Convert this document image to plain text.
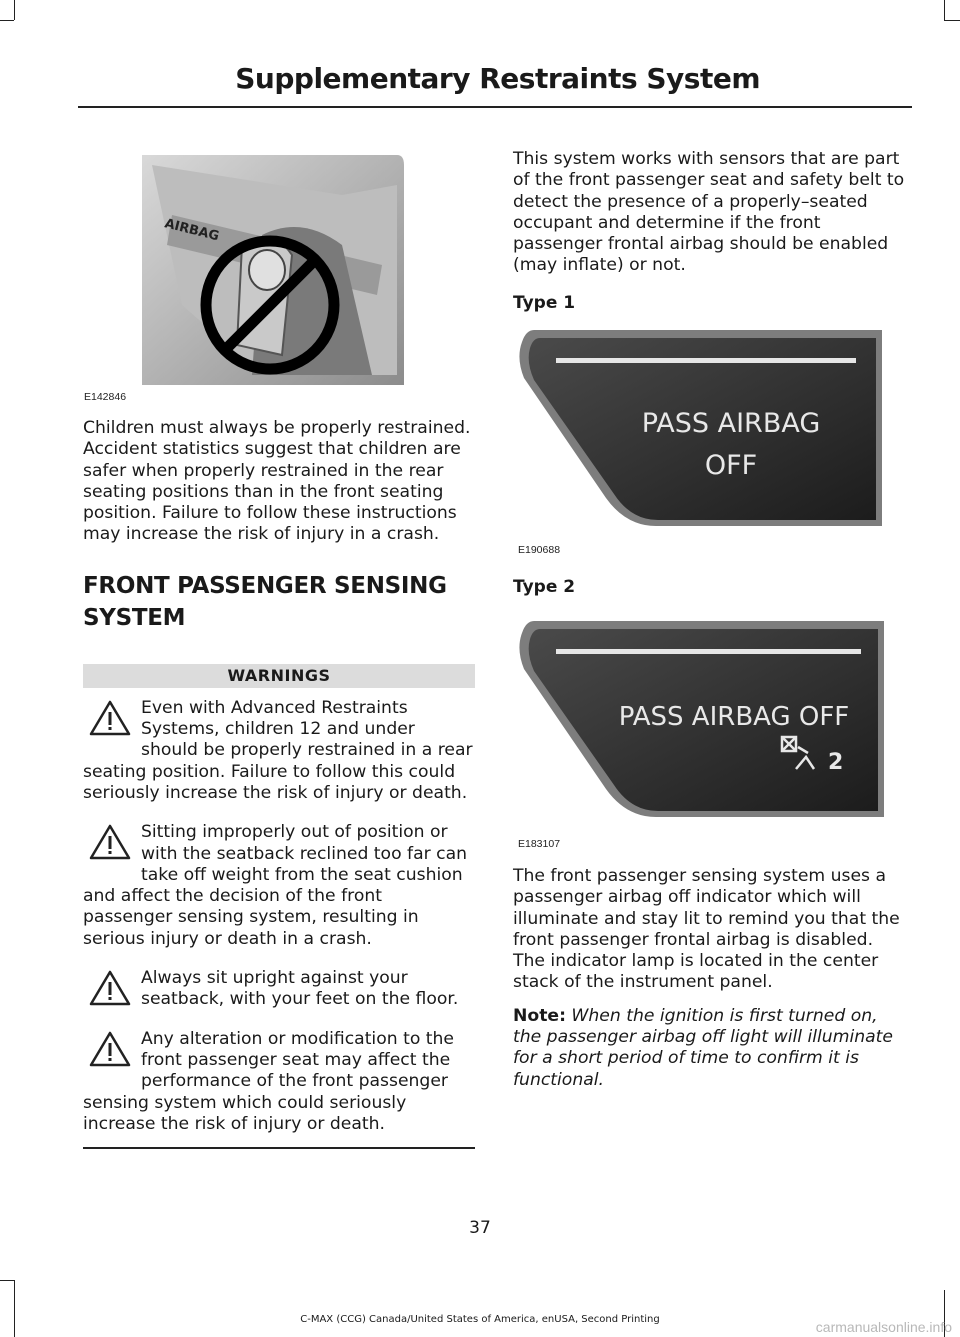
Supplementary Restraints System
AIRBAG
E142846

Children must always be properly restrained. Accident statistics suggest that children are safer when properly restrained in the rear seating positions than in the front seating position. Failure to follow these instructions may increase the risk of injury in a crash.

FRONT PASSENGER SENSING
SYSTEM
WARNINGS

Even with Advanced Restraints Systems, children 12 and under should be properly restrained in a rear seating position. Failure to follow this could seriously increase the risk of injury or death.

Sitting improperly out of position or with the seatback reclined too far can take off weight from the seat cushion and affect the decision of the front passenger sensing system, resulting in serious injury or death in a crash.

Always sit upright against your seatback, with your feet on the floor.

Any alteration or modification to the front passenger seat may affect the performance of the front passenger sensing system which could seriously increase the risk of injury or death.

This system works with sensors that are part of the front passenger seat and safety belt to detect the presence of a properly–seated occupant and determine if the front passenger frontal airbag should be enabled (may inflate) or not.

Type 1

PASS AIRBAG
OFF
E190688

Type 2

PASS AIRBAG OFF
2
E183107

The front passenger sensing system uses a passenger airbag off indicator which will illuminate and stay lit to remind you that the front passenger frontal airbag is disabled. The indicator lamp is located in the center stack of the instrument panel.

Note: When the ignition is first turned on, the passenger airbag off light will illuminate for a short period of time to confirm it is functional.

37
C-MAX (CCG) Canada/United States of America, enUSA, Second Printing	carmanualsonline.info
